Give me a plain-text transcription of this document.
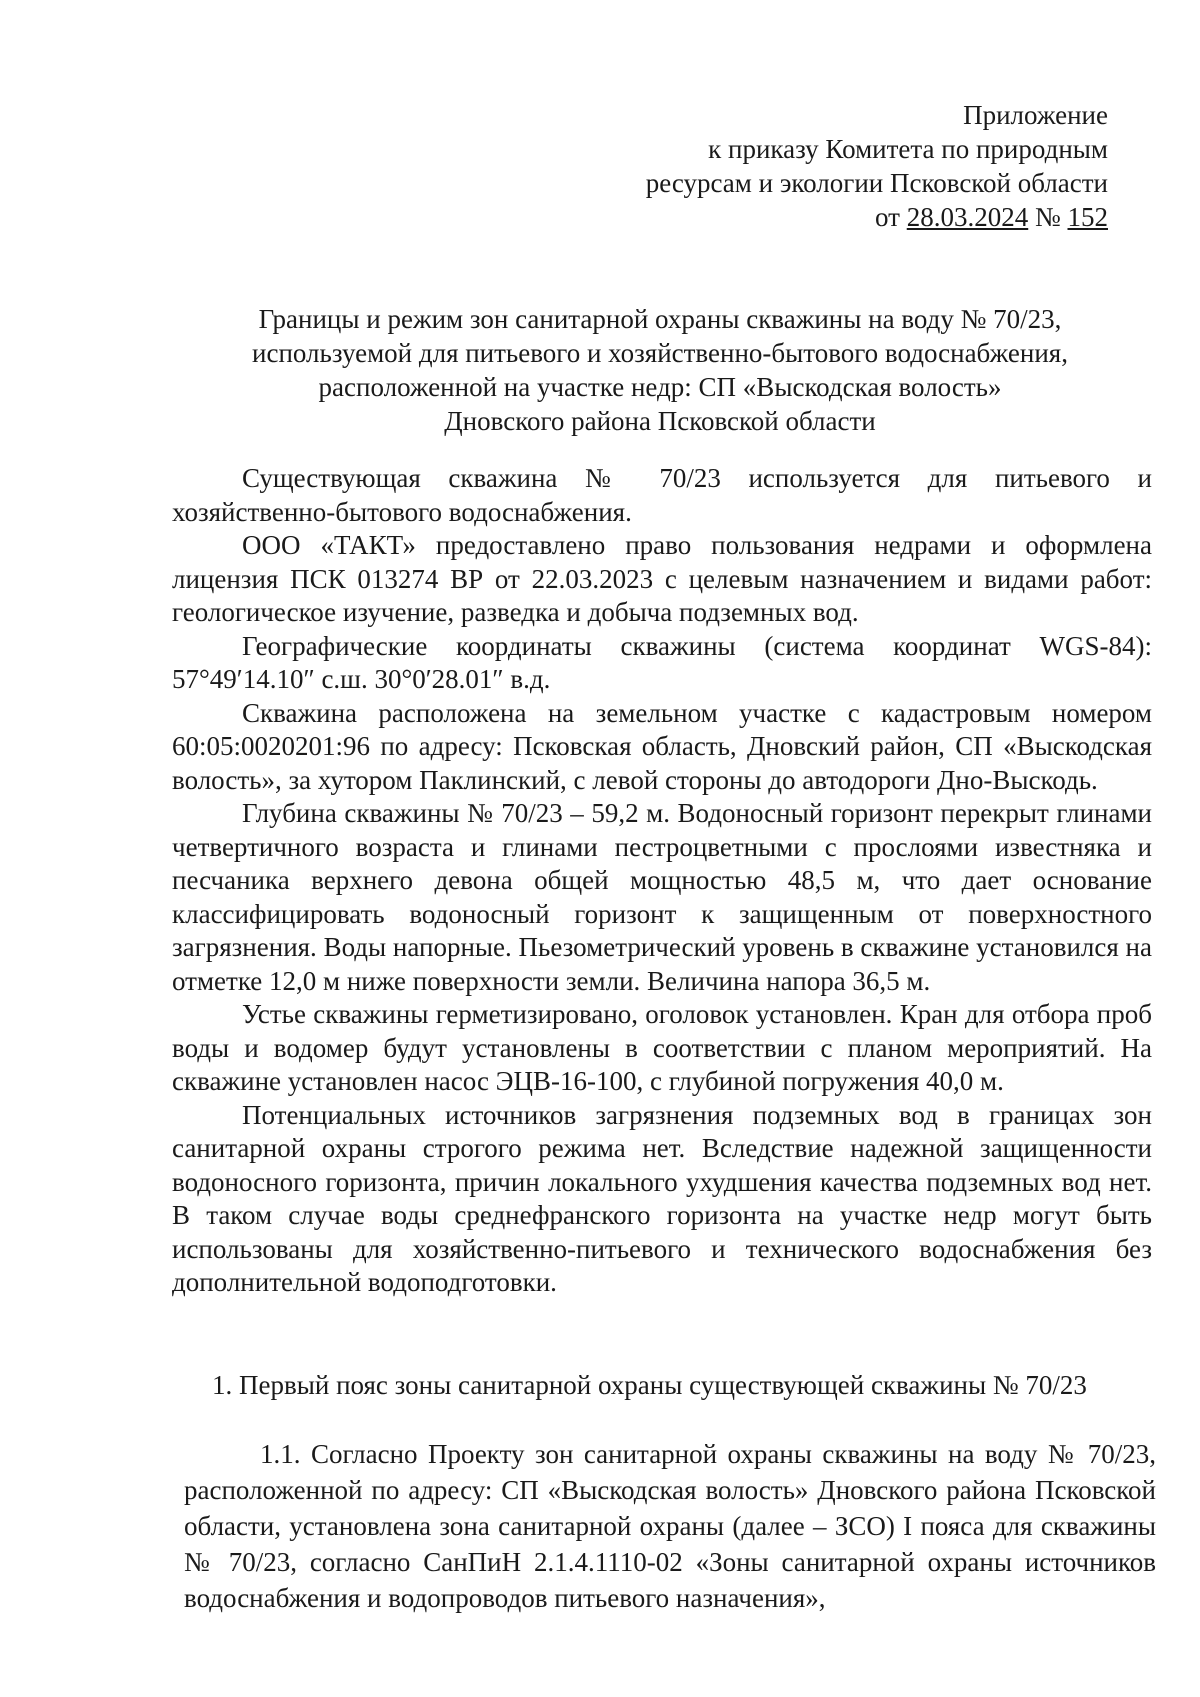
Приложение
к приказу Комитета по природным
ресурсам и экологии Псковской области
от 28.03.2024 № 152
Границы и режим зон санитарной охраны скважины на воду № 70/23,
используемой для питьевого и хозяйственно-бытового водоснабжения,
расположенной на участке недр: СП «Выскодская волость»
Дновского района Псковской области

Существующая скважина № 70/23 используется для питьевого и хозяйственно-бытового водоснабжения.

ООО «ТАКТ» предоставлено право пользования недрами и оформлена лицензия ПСК 013274 ВР от 22.03.2023 с целевым назначением и видами работ: геологическое изучение, разведка и добыча подземных вод.

Географические координаты скважины (система координат WGS-84): 57°49′14.10″ с.ш. 30°0′28.01″ в.д.

Скважина расположена на земельном участке с кадастровым номером 60:05:0020201:96 по адресу: Псковская область, Дновский район, СП «Выскодская волость», за хутором Паклинский, с левой стороны до автодороги Дно-Выскодь.

Глубина скважины № 70/23 – 59,2 м. Водоносный горизонт перекрыт глинами четвертичного возраста и глинами пестроцветными с прослоями известняка и песчаника верхнего девона общей мощностью 48,5 м, что дает основание классифицировать водоносный горизонт к защищенным от поверхностного загрязнения. Воды напорные. Пьезометрический уровень в скважине установился на отметке 12,0 м ниже поверхности земли. Величина напора 36,5 м.

Устье скважины герметизировано, оголовок установлен. Кран для отбора проб воды и водомер будут установлены в соответствии с планом мероприятий. На скважине установлен насос ЭЦВ-16-100, с глубиной погружения 40,0 м.

Потенциальных источников загрязнения подземных вод в границах зон санитарной охраны строгого режима нет. Вследствие надежной защищенности водоносного горизонта, причин локального ухудшения качества подземных вод нет. В таком случае воды среднефранского горизонта на участке недр могут быть использованы для хозяйственно-питьевого и технического водоснабжения без дополнительной водоподготовки.

1. Первый пояс зоны санитарной охраны существующей скважины № 70/23

1.1. Согласно Проекту зон санитарной охраны скважины на воду № 70/23, расположенной по адресу: СП «Выскодская волость» Дновского района Псковской области, установлена зона санитарной охраны (далее – ЗСО) I пояса для скважины № 70/23, согласно СанПиН 2.1.4.1110-02 «Зоны санитарной охраны источников водоснабжения и водопроводов питьевого назначения»,
